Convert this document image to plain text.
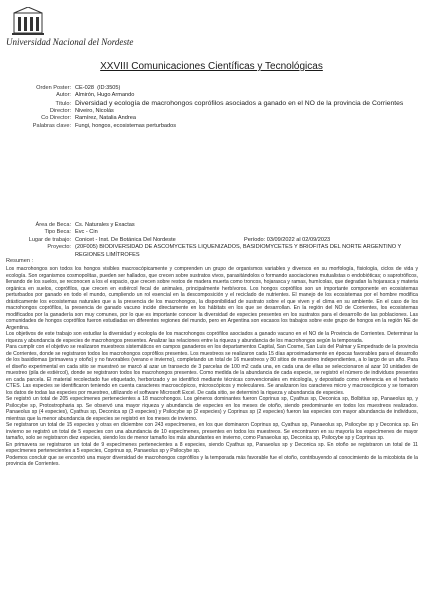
Universidad Nacional del Nordeste
XXVIII Comunicaciones Científicas y Tecnológicas
Orden Poster: CE-028 (ID:3505)
Autor: Almirón, Hugo Armando
Título: Diversidad y ecología de macrohongos coprófilos asociados a ganado en el NO de la provincia de Corrientes
Director: Niveiro, Nicolás
Co Director: Ramírez, Natalia Andrea
Palabras clave: Fungi, hongos, ecosistemas perturbados
Área de Beca: Cs. Naturales y Exactas
Tipo Beca: Evc - Cin
Lugar de trabajo: Conicet - Inst. De Botánica Del Nordeste
Proyecto: (20F005) BIODIVERSIDAD DE ASCOMYCETES LIQUENIZADOS, BASIDIOMYCETES Y BRIOFITAS DEL NORTE ARGENTINO Y REGIONES LIMÍTROFES
Período: 03/09/2022 al 02/09/2023
Resumen :

Los macrohongos son todos los hongos visibles macroscópicamente y comprenden un grupo de organismos variables y diversos en su morfología, fisiología, ciclos de vida y ecología. Son organismos cosmopolitas, pueden ser hallados, que crecen sobre sustratos vivos, parasitándolos o formando asociaciones mutualistas o endobióticas; o saprotróficos, llenando de los suelos, se reconocen a los el espacio, que crecen sobre restos de madera muerta como troncos, hojarasca y ramas, humícolas, que degradan la hojarasca y materia orgánica en suelos, coprófilos, que crecen en estiércol fecal de animales, principalmente herbívoros. Los hongos coprófilos son un importante componente en ecosistemas perturbados por ganado en todo el mundo, cumpliendo un rol esencial en la descomposición y el reciclado de nutrientes. El manejo de los ecosistemas por el hombre modifica drásticamente los ecosistemas naturales que a la presencia de los macrohongos, la disponibilidad de sustrato sobre el que viven y el clima en su ambiente. En el caso de los macrohongos coprófilos, la presencia de ganado vacuno incide directamente en los hábitats en los que se desarrollan. En la región del NO de Corrientes, los ecosistemas modificados por la ganadería son muy comunes, por lo que es importante conocer la diversidad de especies presentes en los sustratos para el desarrollo de las poblaciones. Las comunidades de hongos coprófilos fueron estudiadas en diferentes regiones del mundo, pero en Argentina son escasos los trabajos sobre este grupo de hongos en la región NE de Argentina.

Los objetivos de este trabajo son estudiar la diversidad y ecología de los macrohongos coprófilos asociados a ganado vacuno en el NO de la Provincia de Corrientes. Determinar la riqueza y abundancia de especies de macrohongos presentes. Analizar las relaciones entre la riqueza y abundancia de los macrohongos según la temporada.

Para cumplir con el objetivo se realizaron muestreos sistemáticos en campos ganaderos en los departamentos Capital, San Cosme, San Luis del Palmar y Empedrado de la provincia de Corrientes, donde se registraron todos los macrohongos coprófilos presentes. Los muestreos se realizaron cada 15 días aproximadamente en épocas favorables para el desarrollo de los basidiomas (primavera y otoño) y no favorables (verano e invierno), completando un total de 16 muestreos y 80 sitios de muestreo independientes, a lo largo de un año. Para el diseño experimental en cada sitio se muestreó se marcó al azar un transecto de 3 parcelas de 100 m2 cada una, en cada una de ellas se seleccionaron al azar 10 unidades de muestreo (pila de estiércol), donde se registraron todos los macrohongos presentes. Como medida de la abundancia de cada especie, se registró el número de individuos presentes en cada parcela. El material recolectado fue etiquetado, herborizado y se identificó mediante técnicas convencionales en micología, y depositado como referencia en el herbario CTES. Las especies se identificaron teniendo en cuenta caracteres macroscópicos, microscópicos y moleculares. Se analizaron los caracteres micro y macroscópicos y se tomaron los datos de todas las especies por muestreo, utilizando el software Microsoft Excel. De cada sitio, se determinó la riqueza y abundancia de especies.

Se registró un total de 205 especímenes pertenecientes a 18 macrohongos. Los géneros dominantes fueron Coprinus sp, Cyathus sp, Deconica sp, Bolbitius sp, Panaeolus sp, y Psilocybe sp, Protostropharia sp. Se observó una mayor riqueza y abundancia de especies en los meses de otoño, siendo predominante en todos los muestreos realizados. Panaeolus sp (4 especies), Cyathus sp, Deconica sp (3 especies) y Psilocybe sp (2 especies) y Coprinus sp (2 especies) fueron las especies con mayor abundancia de individuos, mientras que la menor abundancia de especies se registró en los meses de invierno.

Se registraron un total de 15 especies y otras en diciembre con 243 especímenes, en los que dominaron Coprinus sp, Cyathus sp, Panaeolus sp, Psilocybe sp y Deconica sp. En invierno se registró un total de 5 especies con una abundancia de 10 especímenes, presentes en todos los muestreos. Se encontraron en su mayoría los especímenes de mayor tamaño, solo se registraron diez especies, siendo los de menor tamaño los más abundantes en invierno, como Panaeolus sp, Deconica sp, Psilocybe sp y Coprinus sp.

En primavera se registraron un total de 9 especímenes pertenecientes a 8 especies, siendo Cyathus sp, Panaeolus sp y Deconica sp. En otoño se registraron un total de 11 especímenes pertenecientes a 5 especies, Coprinus sp, Panaeolus sp y Psilocybe sp.

Podemos concluir que se encontró una mayor diversidad de macrohongos coprófilos y la temporada más favorable fue el otoño, contribuyendo al conocimiento de la micobiota de la provincia de Corrientes.
